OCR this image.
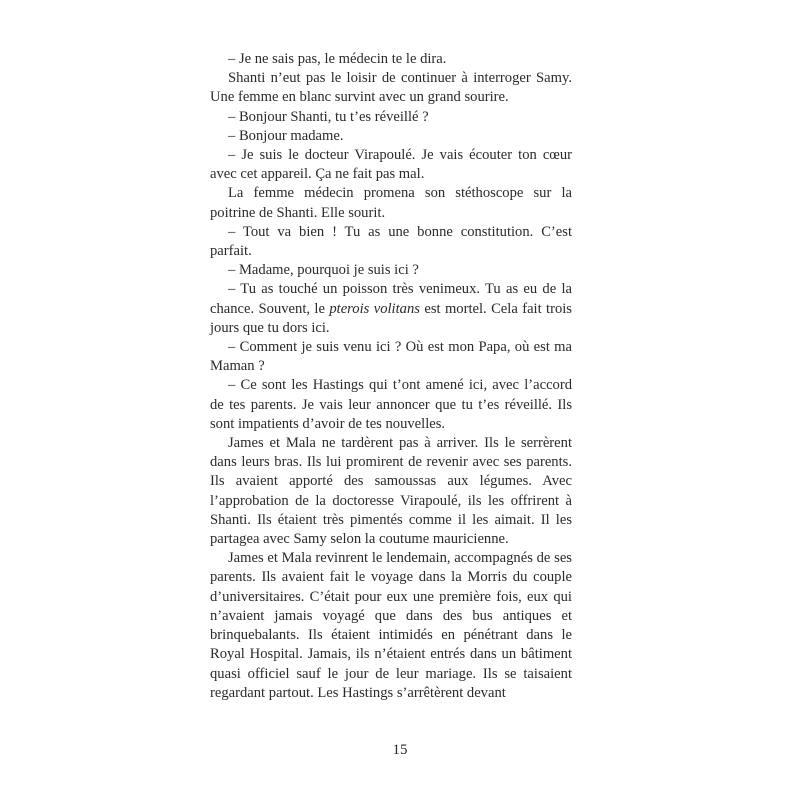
– Je ne sais pas, le médecin te le dira.

Shanti n’eut pas le loisir de continuer à interroger Samy. Une femme en blanc survint avec un grand sourire.

– Bonjour Shanti, tu t’es réveillé ?

– Bonjour madame.

– Je suis le docteur Virapoulé. Je vais écouter ton cœur avec cet appareil. Ça ne fait pas mal.

La femme médecin promena son stéthoscope sur la poitrine de Shanti. Elle sourit.

– Tout va bien ! Tu as une bonne constitution. C’est parfait.

– Madame, pourquoi je suis ici ?

– Tu as touché un poisson très venimeux. Tu as eu de la chance. Souvent, le pterois volitans est mortel. Cela fait trois jours que tu dors ici.

– Comment je suis venu ici ? Où est mon Papa, où est ma Maman ?

– Ce sont les Hastings qui t’ont amené ici, avec l’accord de tes parents. Je vais leur annoncer que tu t’es réveillé. Ils sont impatients d’avoir de tes nouvelles.

James et Mala ne tardèrent pas à arriver. Ils le serrèrent dans leurs bras. Ils lui promirent de revenir avec ses parents. Ils avaient apporté des samoussas aux légumes. Avec l’approbation de la doctoresse Virapoulé, ils les offrirent à Shanti. Ils étaient très pimentés comme il les aimait. Il les partagea avec Samy selon la coutume mauricienne.

James et Mala revinrent le lendemain, accompagnés de ses parents. Ils avaient fait le voyage dans la Morris du couple d’universitaires. C’était pour eux une première fois, eux qui n’avaient jamais voyagé que dans des bus antiques et brinquebalants. Ils étaient intimidés en pénétrant dans le Royal Hospital. Jamais, ils n’étaient entrés dans un bâtiment quasi officiel sauf le jour de leur mariage. Ils se taisaient regardant partout. Les Hastings s’arrêtèrent devant

15
